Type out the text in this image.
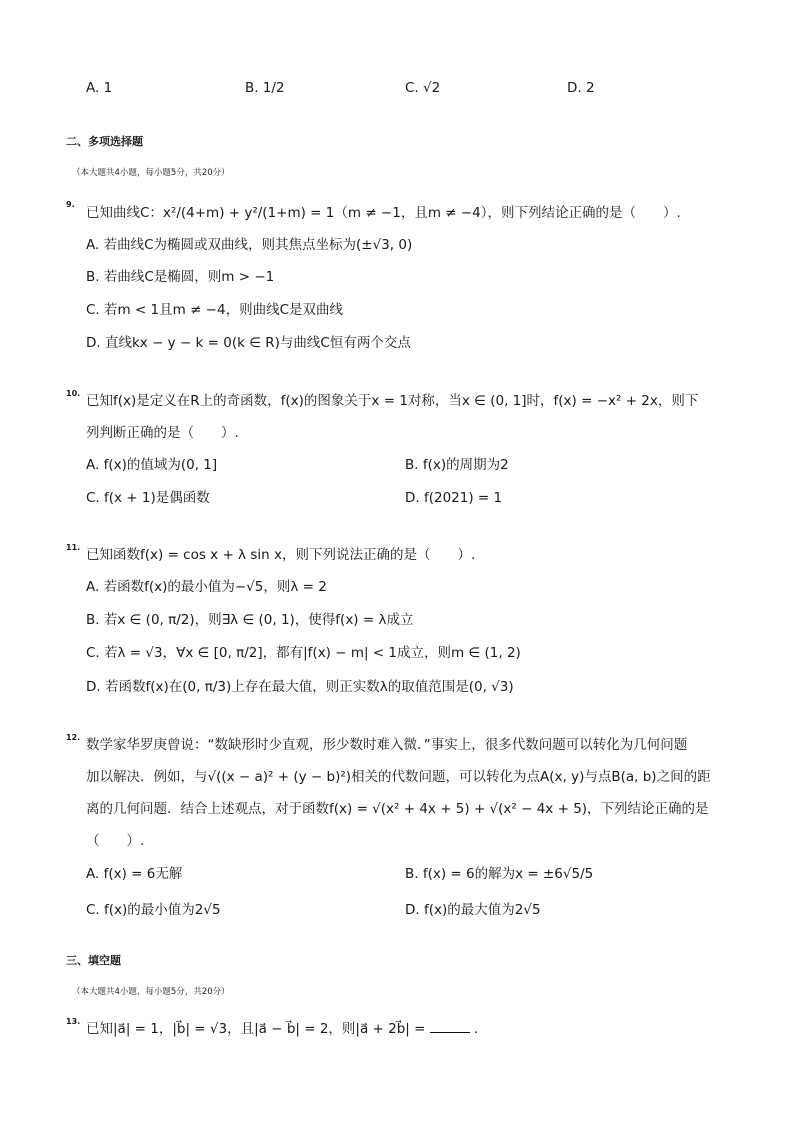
A. 1	B. 1/2	C. √2	D. 2
二、多项选择题
（本大题共4小题，每小题5分，共20分）
9.
已知曲线C：x²/(4+m) + y²/(1+m) = 1（m ≠ −1，且m ≠ −4），则下列结论正确的是（　　）.
A. 若曲线C为椭圆或双曲线，则其焦点坐标为(±√3, 0)
B. 若曲线C是椭圆，则m > −1
C. 若m < 1且m ≠ −4，则曲线C是双曲线
D. 直线kx − y − k = 0(k ∈ R)与曲线C恒有两个交点
10. 已知f(x)是定义在R上的奇函数，f(x)的图象关于x = 1对称，当x ∈ (0, 1]时，f(x) = −x² + 2x，则下
列判断正确的是（　　）.
A. f(x)的值域为(0, 1]	B. f(x)的周期为2
C. f(x + 1)是偶函数	D. f(2021) = 1
11. 已知函数f(x) = cos x + λ sin x，则下列说法正确的是（　　）.
A. 若函数f(x)的最小值为−√5，则λ = 2
B. 若x ∈ (0, π/2)，则∃λ ∈ (0, 1)，使得f(x) = λ成立
C. 若λ = √3，∀x ∈ [0, π/2]，都有|f(x) − m| < 1成立，则m ∈ (1, 2)
D. 若函数f(x)在(0, π/3)上存在最大值，则正实数λ的取值范围是(0, √3)
12. 数学家华罗庚曾说：“数缺形时少直观，形少数时难入微．”事实上，很多代数问题可以转化为几何问题
加以解决．例如，与√((x − a)² + (y − b)²)相关的代数问题，可以转化为点A(x, y)与点B(a, b)之间的距
离的几何问题．结合上述观点，对于函数f(x) = √(x² + 4x + 5) + √(x² − 4x + 5)，下列结论正确的是
（　　）.
A. f(x) = 6无解	B. f(x) = 6的解为x = ±6√5/5
C. f(x)的最小值为2√5	D. f(x)的最大值为2√5
三、填空题
（本大题共4小题，每小题5分，共20分）
13. 已知|a⃗| = 1，|b⃗| = √3，且|a⃗ − b⃗| = 2，则|a⃗ + 2b⃗| =	．
